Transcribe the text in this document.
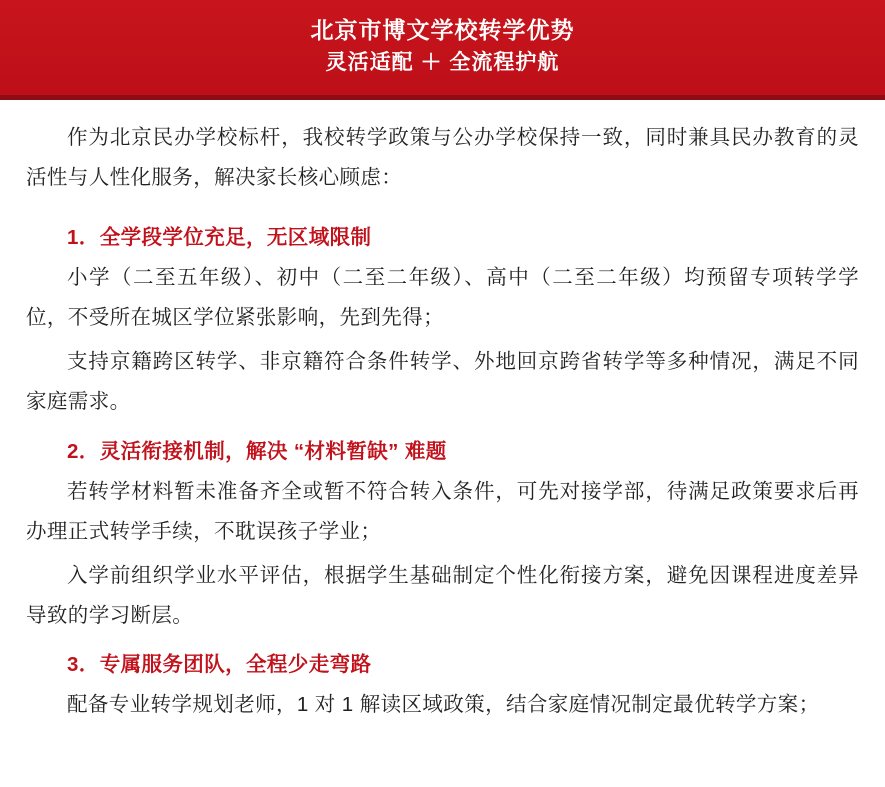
北京市博文学校转学优势
灵活适配 ＋ 全流程护航

作为北京民办学校标杆，我校转学政策与公办学校保持一致，同时兼具民办教育的灵活性与人性化服务，解决家长核心顾虑：

1．全学段学位充足，无区域限制

小学（二至五年级）、初中（二至二年级）、高中（二至二年级）均预留专项转学学位，不受所在城区学位紧张影响，先到先得；

支持京籍跨区转学、非京籍符合条件转学、外地回京跨省转学等多种情况，满足不同家庭需求。

2．灵活衔接机制，解决 “材料暂缺” 难题

若转学材料暂未准备齐全或暂不符合转入条件，可先对接学部，待满足政策要求后再办理正式转学手续，不耽误孩子学业；

入学前组织学业水平评估，根据学生基础制定个性化衔接方案，避免因课程进度差异导致的学习断层。

3．专属服务团队，全程少走弯路

配备专业转学规划老师，1 对 1 解读区域政策，结合家庭情况制定最优转学方案；
